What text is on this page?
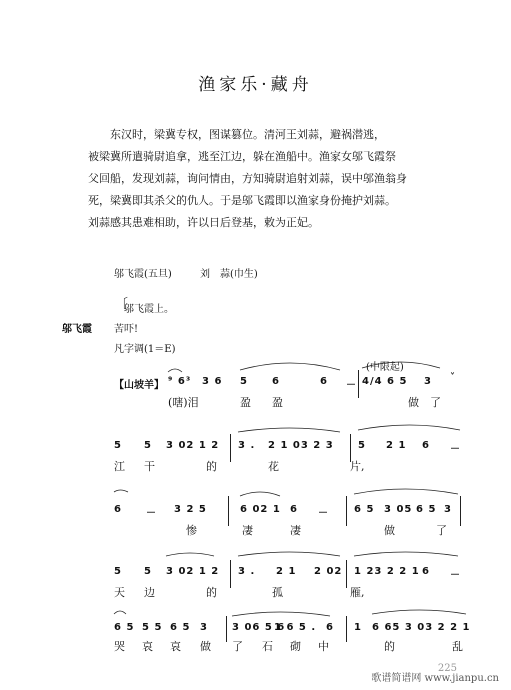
渔家乐·藏舟

东汉时，梁冀专权，图谋篡位。清河王刘蒜，避祸潜逃，

被梁冀所遣骑尉追拿，逃至江边，躲在渔船中。渔家女邬飞霞祭

父回船，发现刘蒜，询问情由，方知骑尉追射刘蒜，误中邬渔翁身

死，梁冀即其杀父的仇人。于是邬飞霞即以渔家身份掩护刘蒜。

刘蒜感其患难相助，许以日后登基，敕为正妃。

邬飞霞(五旦)	刘　蒜(巾生)
〔
邬飞霞上。
邬飞霞 苦吓!
凡字调(1＝E)
(中限起)
【山坡羊】 ⁹ 6³ 3 6 5 6	6 － 4/4 6 5 3 ˅
(嗐)泪	盈 盈	做 了
5 5 3 02 1 2 3 . 2 1 03 2 3 5 2 1 6 －
江 干	的	花	片,
6 － 3 2 5	6 02 1 6 －	6 5 3 05 6 5 3
惨	凄	凄	做	了
5 5 3 02 1 2 3 . 2 1 2 02 1 23 2 2 1 6 －
天 边	的	孤	雁,
6 5 5 5 6 5 3 3 06 5 6
1 6 5 . 6 1 6 65 3 03 2 2 1
哭 哀 哀 做 了 石 砌 中	的	乱
225
歌谱简谱网 www.jianpu.cn
